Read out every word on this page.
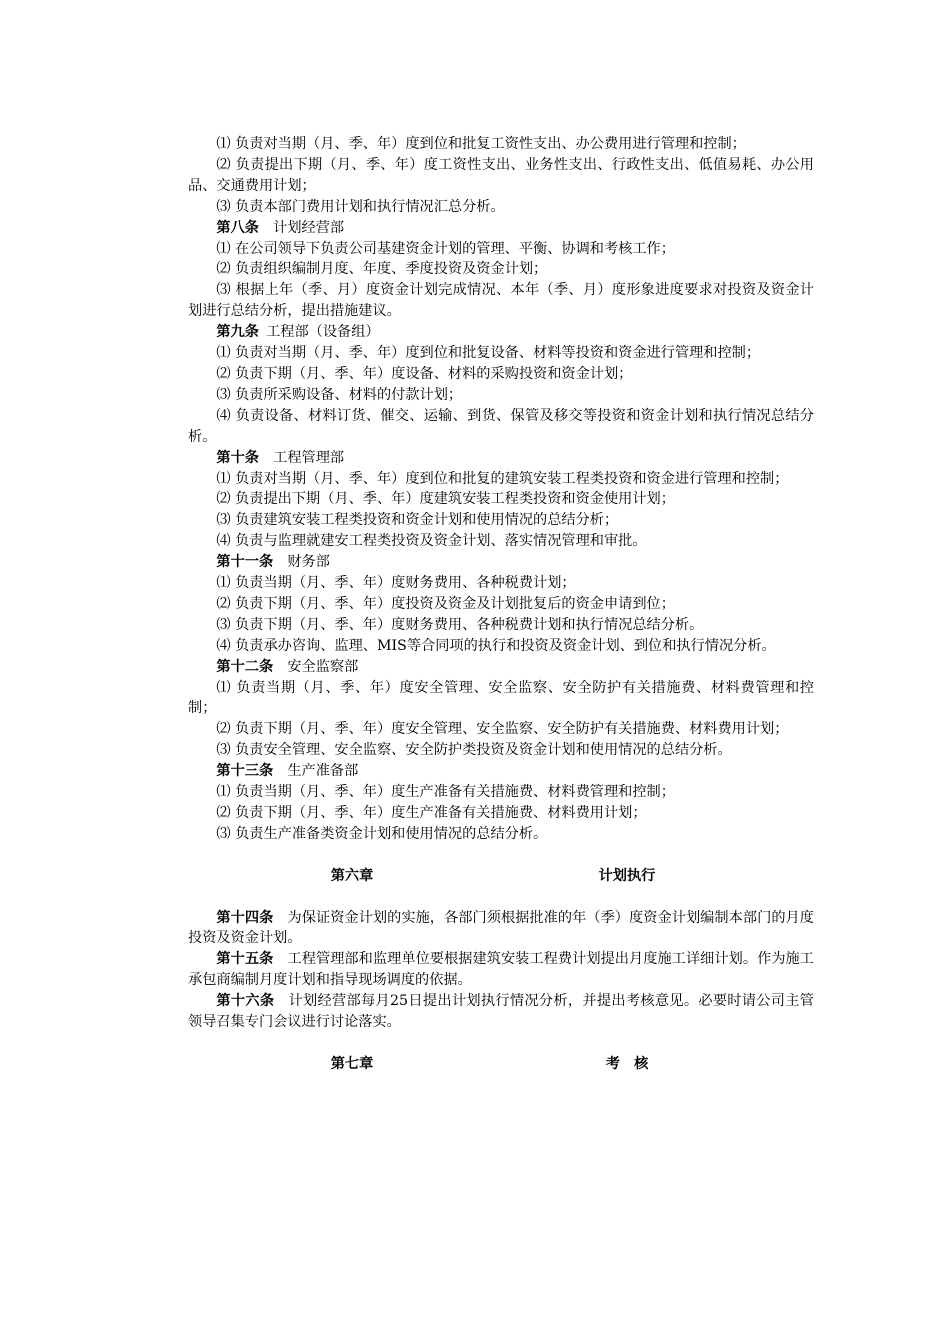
⑴ 负责对当期（月、季、年）度到位和批复工资性支出、办公费用进行管理和控制；

⑵ 负责提出下期（月、季、年）度工资性支出、业务性支出、行政性支出、低值易耗、办公用品、交通费用计划；

⑶ 负责本部门费用计划和执行情况汇总分析。

第八条 计划经营部

⑴ 在公司领导下负责公司基建资金计划的管理、平衡、协调和考核工作；

⑵ 负责组织编制月度、年度、季度投资及资金计划；

⑶ 根据上年（季、月）度资金计划完成情况、本年（季、月）度形象进度要求对投资及资金计划进行总结分析，提出措施建议。

第九条 工程部（设备组）

⑴ 负责对当期（月、季、年）度到位和批复设备、材料等投资和资金进行管理和控制；

⑵ 负责下期（月、季、年）度设备、材料的采购投资和资金计划；

⑶ 负责所采购设备、材料的付款计划；

⑷ 负责设备、材料订货、催交、运输、到货、保管及移交等投资和资金计划和执行情况总结分析。

第十条 工程管理部

⑴ 负责对当期（月、季、年）度到位和批复的建筑安装工程类投资和资金进行管理和控制；

⑵ 负责提出下期（月、季、年）度建筑安装工程类投资和资金使用计划；

⑶ 负责建筑安装工程类投资和资金计划和使用情况的总结分析；

⑷ 负责与监理就建安工程类投资及资金计划、落实情况管理和审批。

第十一条 财务部

⑴ 负责当期（月、季、年）度财务费用、各种税费计划；

⑵ 负责下期（月、季、年）度投资及资金及计划批复后的资金申请到位；

⑶ 负责下期（月、季、年）度财务费用、各种税费计划和执行情况总结分析。

⑷ 负责承办咨询、监理、MIS等合同项的执行和投资及资金计划、到位和执行情况分析。

第十二条 安全监察部

⑴ 负责当期（月、季、年）度安全管理、安全监察、安全防护有关措施费、材料费管理和控制；

⑵ 负责下期（月、季、年）度安全管理、安全监察、安全防护有关措施费、材料费用计划；

⑶ 负责安全管理、安全监察、安全防护类投资及资金计划和使用情况的总结分析。

第十三条 生产准备部

⑴ 负责当期（月、季、年）度生产准备有关措施费、材料费管理和控制；

⑵ 负责下期（月、季、年）度生产准备有关措施费、材料费用计划；

⑶ 负责生产准备类资金计划和使用情况的总结分析。

第六章	计划执行

第十四条 为保证资金计划的实施，各部门须根据批准的年（季）度资金计划编制本部门的月度投资及资金计划。

第十五条 工程管理部和监理单位要根据建筑安装工程费计划提出月度施工详细计划。作为施工承包商编制月度计划和指导现场调度的依据。

第十六条 计划经营部每月25日提出计划执行情况分析，并提出考核意见。必要时请公司主管领导召集专门会议进行讨论落实。

第七章	考　核
